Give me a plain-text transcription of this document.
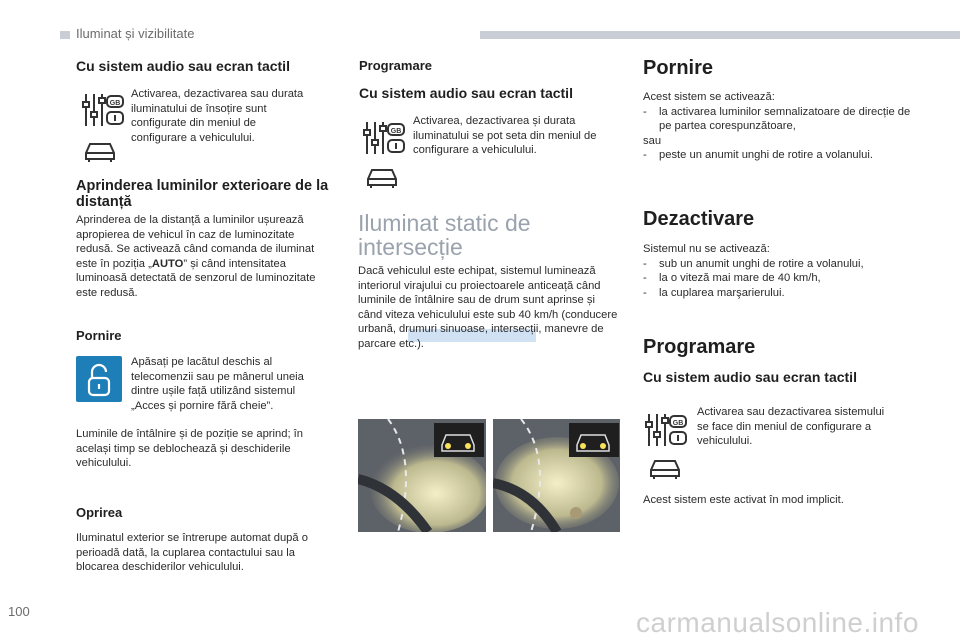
Iluminat și vizibilitate
Cu sistem audio sau ecran tactil
GB
Activarea, dezactivarea sau durata iluminatului de însoțire sunt configurate din meniul de configurare a vehiculului.
Aprinderea luminilor exterioare de la distanță
Aprinderea de la distanță a luminilor ușurează apropierea de vehicul în caz de luminozitate redusă. Se activează când comanda de iluminat este în poziția „AUTO” și când intensitatea luminoasă detectată de senzorul de luminozitate este redusă.
Pornire
Apăsați pe lacătul deschis al telecomenzii sau pe mânerul uneia dintre ușile față utilizând sistemul „Acces și pornire fără cheie”.
Luminile de întâlnire și de poziție se aprind; în același timp se deblochează și deschiderile vehiculului.
Oprirea
Iluminatul exterior se întrerupe automat după o perioadă dată, la cuplarea contactului sau la blocarea deschiderilor vehiculului.
Programare
Cu sistem audio sau ecran tactil
GB
Activarea, dezactivarea și durata iluminatului se pot seta din meniul de configurare a vehiculului.
Iluminat static de
intersecție
Dacă vehiculul este echipat, sistemul luminează interiorul virajului cu proiectoarele anticeață când luminile de întâlnire sau de drum sunt aprinse și când viteza vehiculului este sub 40 km/h (conducere urbană, drumuri sinuoase, intersecții, manevre de parcare etc.).
Pornire
Acest sistem se activează:
-	la activarea luminilor semnalizatoare de direcție de pe partea corespunzătoare,
sau
-	peste un anumit unghi de rotire a volanului.
Dezactivare
Sistemul nu se activează:
-	sub un anumit unghi de rotire a volanului,
-	la o viteză mai mare de 40 km/h,
-	la cuplarea marşarierului.
Programare
Cu sistem audio sau ecran tactil
GB
Activarea sau dezactivarea sistemului se face din meniul de configurare a vehiculului.
Acest sistem este activat în mod implicit.
100	carmanualsonline.info
